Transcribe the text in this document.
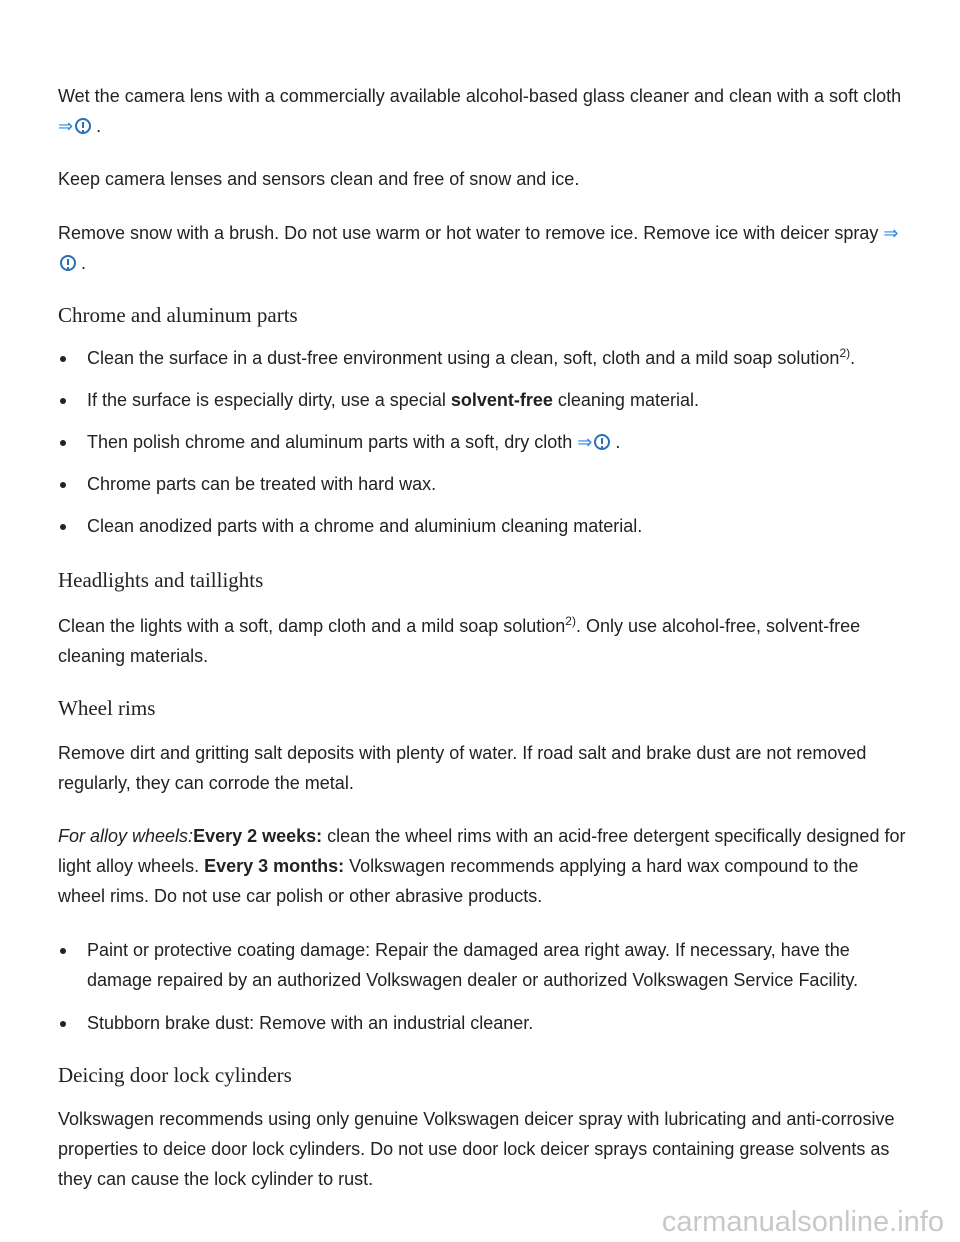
Wet the camera lens with a commercially available alcohol-based glass cleaner and clean with a soft cloth ⇒ .

Keep camera lenses and sensors clean and free of snow and ice.

Remove snow with a brush. Do not use warm or hot water to remove ice. Remove ice with deicer spray ⇒ .

Chrome and aluminum parts
Clean the surface in a dust-free environment using a clean, soft, cloth and a mild soap solution$^{2)}$.
If the surface is especially dirty, use a special solvent-free cleaning material.
Then polish chrome and aluminum parts with a soft, dry cloth ⇒ .
Chrome parts can be treated with hard wax.
Clean anodized parts with a chrome and aluminium cleaning material.
Headlights and taillights

Clean the lights with a soft, damp cloth and a mild soap solution$^{2)}$. Only use alcohol-free, solvent-free cleaning materials.

Wheel rims

Remove dirt and gritting salt deposits with plenty of water. If road salt and brake dust are not removed regularly, they can corrode the metal.

For alloy wheels:Every 2 weeks: clean the wheel rims with an acid-free detergent specifically designed for light alloy wheels. Every 3 months: Volkswagen recommends applying a hard wax compound to the wheel rims. Do not use car polish or other abrasive products.

Paint or protective coating damage: Repair the damaged area right away. If necessary, have the damage repaired by an authorized Volkswagen dealer or authorized Volkswagen Service Facility.
Stubborn brake dust: Remove with an industrial cleaner.
Deicing door lock cylinders

Volkswagen recommends using only genuine Volkswagen deicer spray with lubricating and anti-corrosive properties to deice door lock cylinders. Do not use door lock deicer sprays containing grease solvents as they can cause the lock cylinder to rust.

carmanualsonline.info
